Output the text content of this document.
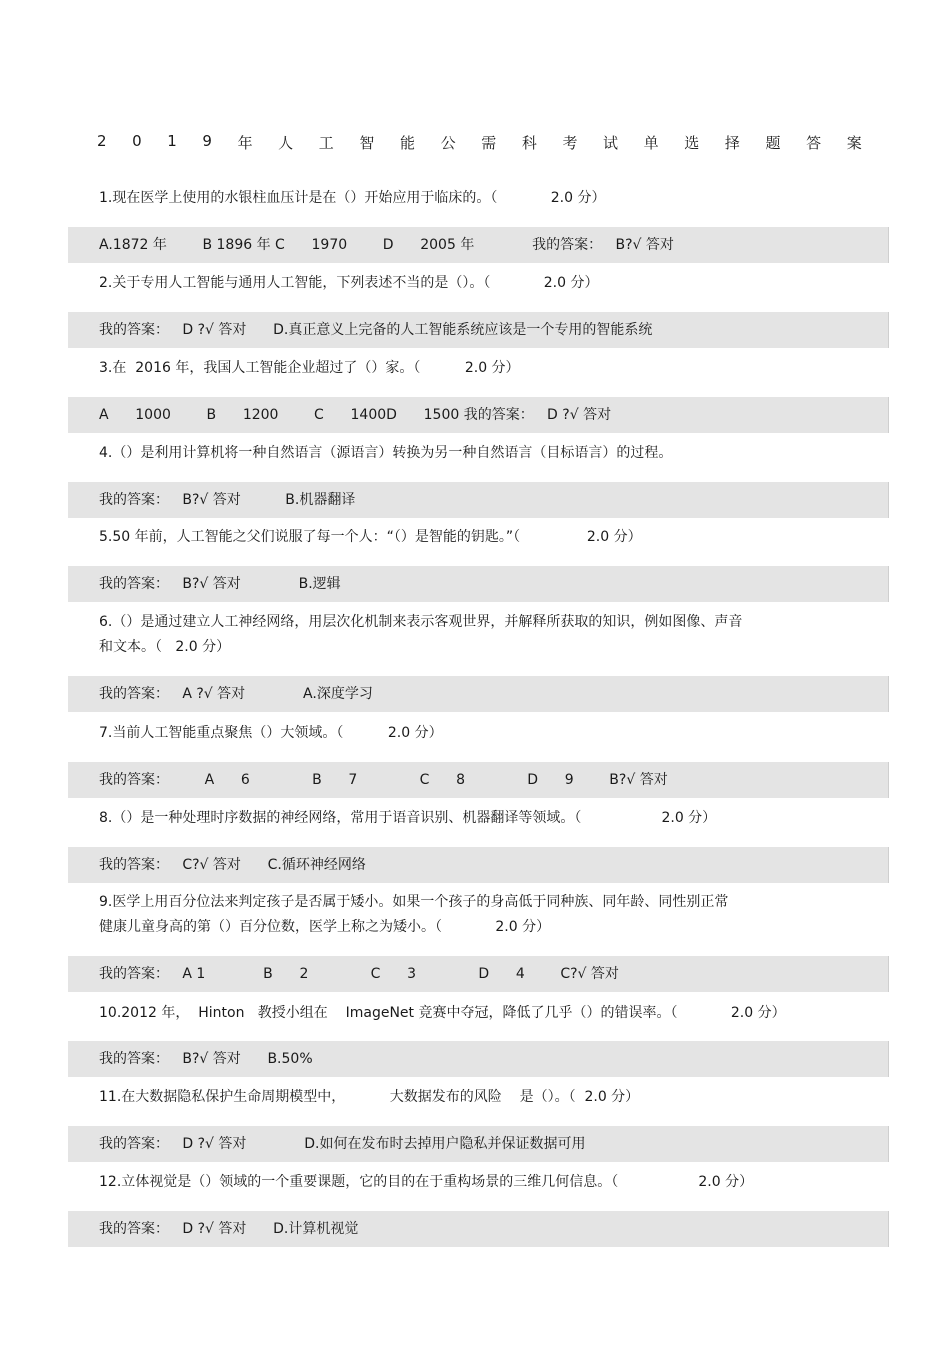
2 0 1 9 年 人 工 智 能 公 需 科 考 试 单 选 择 题 答 案
1.现在医学上使用的水银柱血压计是在（）开始应用于临床的。（            2.0 分）
A.1872 年        B 1896 年 C      1970        D      2005 年             我的答案：   B?√ 答对
2.关于专用人工智能与通用人工智能，下列表述不当的是（）。（            2.0 分）
我的答案：   D ?√ 答对      D.真正意义上完备的人工智能系统应该是一个专用的智能系统
3.在  2016 年，我国人工智能企业超过了（）家。（          2.0 分）
A      1000        B      1200        C      1400D      1500 我的答案：   D ?√ 答对
4.（）是利用计算机将一种自然语言（源语言）转换为另一种自然语言（目标语言）的过程。
我的答案：   B?√ 答对          B.机器翻译
5.50 年前，人工智能之父们说服了每一个人：“（）是智能的钥匙。”（               2.0 分）
我的答案：   B?√ 答对             B.逻辑
6.（）是通过建立人工神经网络，用层次化机制来表示客观世界，并解释所获取的知识，例如图像、声音
和文本。（   2.0 分）
我的答案：   A ?√ 答对             A.深度学习
7.当前人工智能重点聚焦（）大领域。（          2.0 分）
我的答案：        A      6              B      7              C      8              D      9        B?√ 答对
8.（）是一种处理时序数据的神经网络，常用于语音识别、机器翻译等领域。（                  2.0 分）
我的答案：   C?√ 答对      C.循环神经网络
9.医学上用百分位法来判定孩子是否属于矮小。如果一个孩子的身高低于同种族、同年龄、同性别正常
健康儿童身高的第（）百分位数，医学上称之为矮小。（            2.0 分）
我的答案：   A 1             B      2              C      3              D      4        C?√ 答对
10.2012 年，  Hinton   教授小组在    ImageNet 竞赛中夺冠，降低了几乎（）的错误率。（            2.0 分）
我的答案：   B?√ 答对      B.50%
11.在大数据隐私保护生命周期模型中，          大数据发布的风险    是（）。（  2.0 分）
我的答案：   D ?√ 答对             D.如何在发布时去掉用户隐私并保证数据可用
12.立体视觉是（）领域的一个重要课题，它的目的在于重构场景的三维几何信息。（                  2.0 分）
我的答案：   D ?√ 答对      D.计算机视觉
